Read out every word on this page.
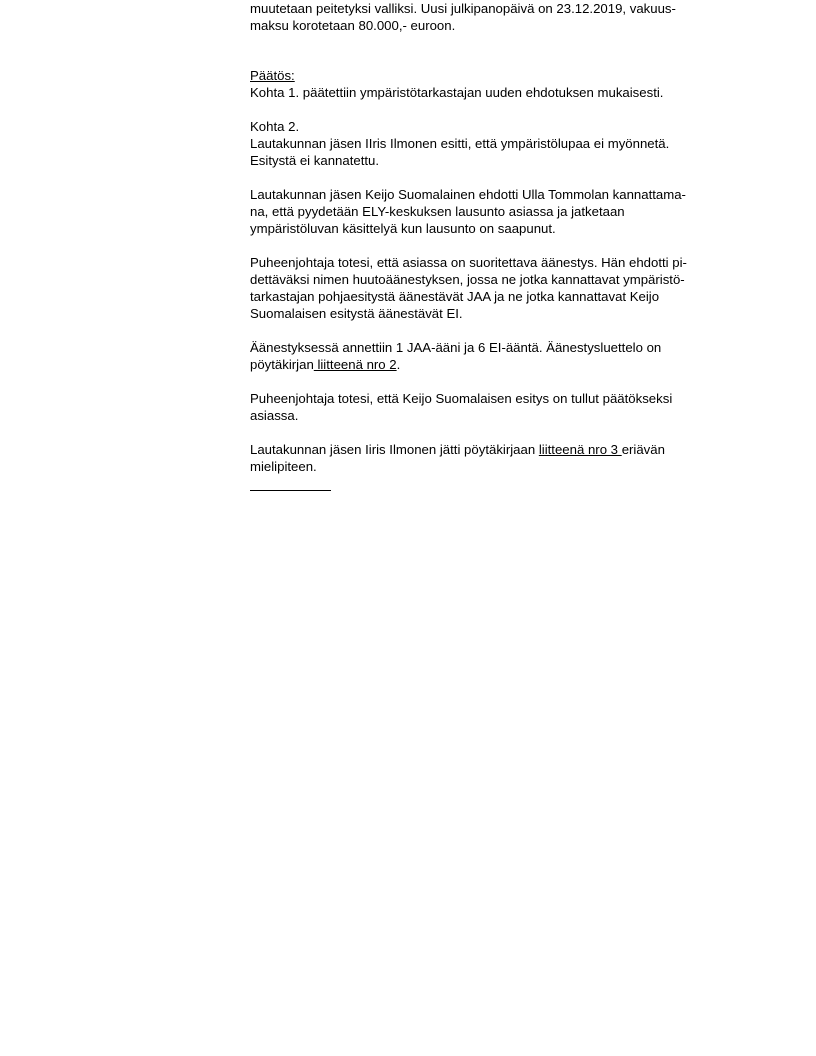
muutetaan peitetyksi valliksi. Uusi julkipanopäivä on 23.12.2019, vakuus-
maksu korotetaan 80.000,- euroon.
Päätös:
Kohta 1. päätettiin ympäristötarkastajan uuden ehdotuksen mukaisesti.
Kohta 2.
Lautakunnan jäsen IIris Ilmonen esitti, että ympäristölupaa ei myönnetä.
Esitystä ei kannatettu.
Lautakunnan jäsen Keijo Suomalainen ehdotti Ulla Tommolan kannattama-
na, että pyydetään ELY-keskuksen lausunto asiassa ja jatketaan
ympäristöluvan käsittelyä kun lausunto on saapunut.
Puheenjohtaja totesi, että asiassa on suoritettava äänestys. Hän ehdotti pi-
dettäväksi nimen huutoäänestyksen, jossa ne jotka kannattavat ympäristö-
tarkastajan pohjaesitystä äänestävät JAA ja ne jotka kannattavat Keijo
Suomalaisen esitystä äänestävät EI.
Äänestyksessä annettiin 1 JAA-ääni ja 6 EI-ääntä. Äänestysluettelo on
pöytäkirjan liitteenä nro 2.
Puheenjohtaja totesi, että Keijo Suomalaisen esitys on tullut päätökseksi
asiassa.
Lautakunnan jäsen Iiris Ilmonen jätti pöytäkirjaan liitteenä nro 3 eriävän
mielipiteen.
